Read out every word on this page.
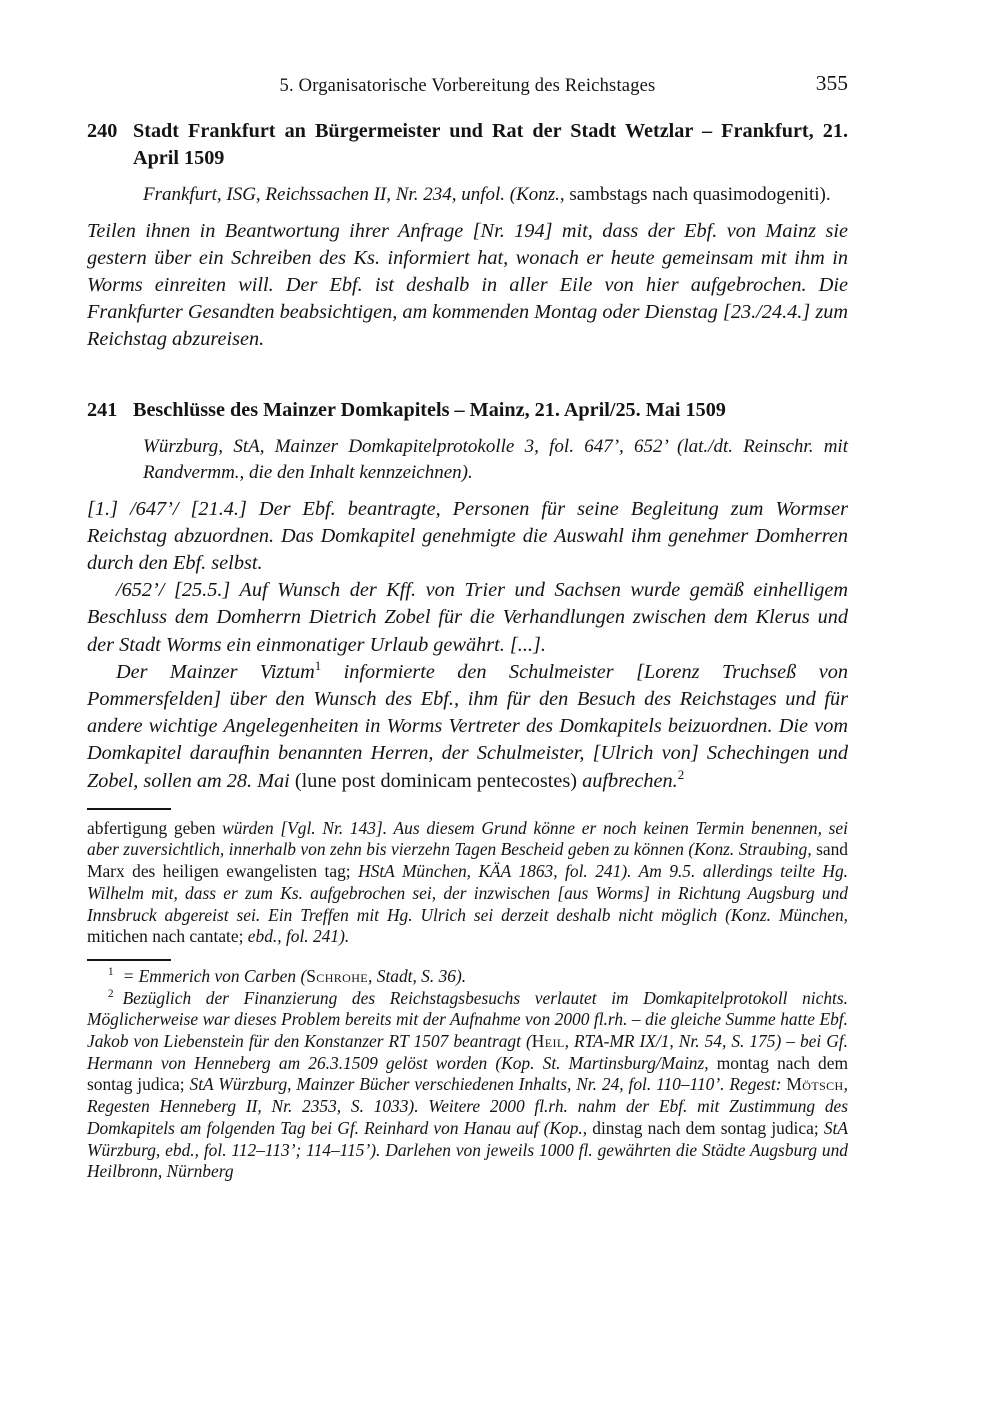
5. Organisatorische Vorbereitung des Reichstages	355
240 Stadt Frankfurt an Bürgermeister und Rat der Stadt Wetzlar – Frankfurt, 21. April 1509

Frankfurt, ISG, Reichssachen II, Nr. 234, unfol. (Konz., sambstags nach quasimodogeniti).

Teilen ihnen in Beantwortung ihrer Anfrage [Nr. 194] mit, dass der Ebf. von Mainz sie gestern über ein Schreiben des Ks. informiert hat, wonach er heute gemeinsam mit ihm in Worms einreiten will. Der Ebf. ist deshalb in aller Eile von hier aufgebrochen. Die Frankfurter Gesandten beabsichtigen, am kommenden Montag oder Dienstag [23./24.4.] zum Reichstag abzureisen.

241 Beschlüsse des Mainzer Domkapitels – Mainz, 21. April/25. Mai 1509

Würzburg, StA, Mainzer Domkapitelprotokolle 3, fol. 647’, 652’ (lat./dt. Reinschr. mit Randvermm., die den Inhalt kennzeichnen).

[1.] /647’/ [21.4.] Der Ebf. beantragte, Personen für seine Begleitung zum Wormser Reichstag abzuordnen. Das Domkapitel genehmigte die Auswahl ihm genehmer Domherren durch den Ebf. selbst.

/652’/ [25.5.] Auf Wunsch der Kff. von Trier und Sachsen wurde gemäß einhelligem Beschluss dem Domherrn Dietrich Zobel für die Verhandlungen zwischen dem Klerus und der Stadt Worms ein einmonatiger Urlaub gewährt. [...].

Der Mainzer Viztum$^1$ informierte den Schulmeister [Lorenz Truchseß von Pommersfelden] über den Wunsch des Ebf., ihm für den Besuch des Reichstages und für andere wichtige Angelegenheiten in Worms Vertreter des Domkapitels beizuordnen. Die vom Domkapitel daraufhin benannten Herren, der Schulmeister, [Ulrich von] Schechingen und Zobel, sollen am 28. Mai (lune post dominicam pentecostes) aufbrechen.$^2$

abfertigung geben würden [Vgl. Nr. 143]. Aus diesem Grund könne er noch keinen Termin benennen, sei aber zuversichtlich, innerhalb von zehn bis vierzehn Tagen Bescheid geben zu können (Konz. Straubing, sand Marx des heiligen ewangelisten tag; HStA München, KÄA 1863, fol. 241). Am 9.5. allerdings teilte Hg. Wilhelm mit, dass er zum Ks. aufgebrochen sei, der inzwischen [aus Worms] in Richtung Augsburg und Innsbruck abgereist sei. Ein Treffen mit Hg. Ulrich sei derzeit deshalb nicht möglich (Konz. München, mitichen nach cantate; ebd., fol. 241).

$^1$ = Emmerich von Carben (Schrohe, Stadt, S. 36).

$^2$ Bezüglich der Finanzierung des Reichstagsbesuchs verlautet im Domkapitelprotokoll nichts. Möglicherweise war dieses Problem bereits mit der Aufnahme von 2000 fl.rh. – die gleiche Summe hatte Ebf. Jakob von Liebenstein für den Konstanzer RT 1507 beantragt (Heil, RTA-MR IX/1, Nr. 54, S. 175) – bei Gf. Hermann von Henneberg am 26.3.1509 gelöst worden (Kop. St. Martinsburg/Mainz, montag nach dem sontag judica; StA Würzburg, Mainzer Bücher verschiedenen Inhalts, Nr. 24, fol. 110–110’. Regest: Mötsch, Regesten Henneberg II, Nr. 2353, S. 1033). Weitere 2000 fl.rh. nahm der Ebf. mit Zustimmung des Domkapitels am folgenden Tag bei Gf. Reinhard von Hanau auf (Kop., dinstag nach dem sontag judica; StA Würzburg, ebd., fol. 112–113’; 114–115’). Darlehen von jeweils 1000 fl. gewährten die Städte Augsburg und Heilbronn, Nürnberg
